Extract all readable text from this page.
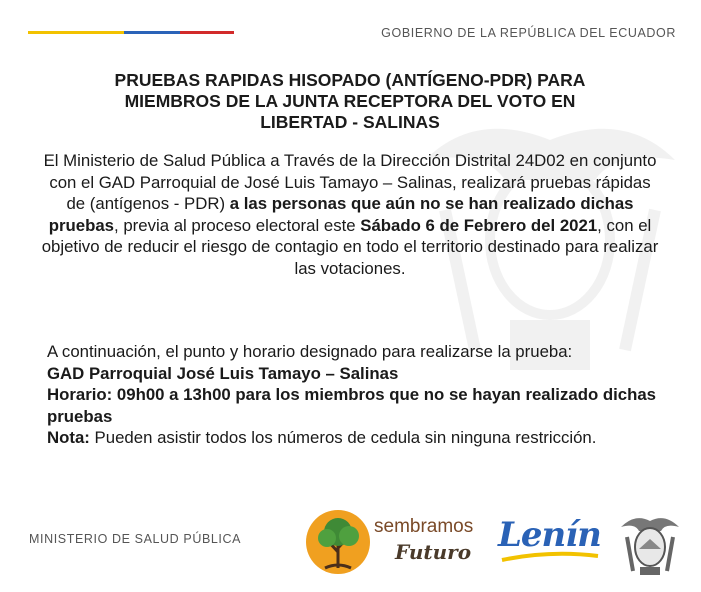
GOBIERNO DE LA REPÚBLICA DEL ECUADOR
PRUEBAS RAPIDAS HISOPADO (ANTÍGENO-PDR) PARA
MIEMBROS DE LA JUNTA RECEPTORA DEL VOTO EN
LIBERTAD - SALINAS
El Ministerio de Salud Pública a Través de la Dirección Distrital 24D02 en conjunto con el GAD Parroquial de José Luis Tamayo – Salinas, realizará pruebas rápidas de (antígenos - PDR) a las personas que aún no se han realizado dichas pruebas, previa al proceso electoral este Sábado 6 de Febrero del 2021, con el objetivo de reducir el riesgo de contagio en todo el territorio destinado para realizar las votaciones.
A continuación, el punto y horario designado para realizarse la prueba:
GAD Parroquial José Luis Tamayo – Salinas
Horario: 09h00 a 13h00 para los miembros que no se hayan realizado dichas pruebas
Nota: Pueden asistir todos los números de cedula sin ninguna restricción.
MINISTERIO DE SALUD PÚBLICA
sembramos
Futuro Lenín
